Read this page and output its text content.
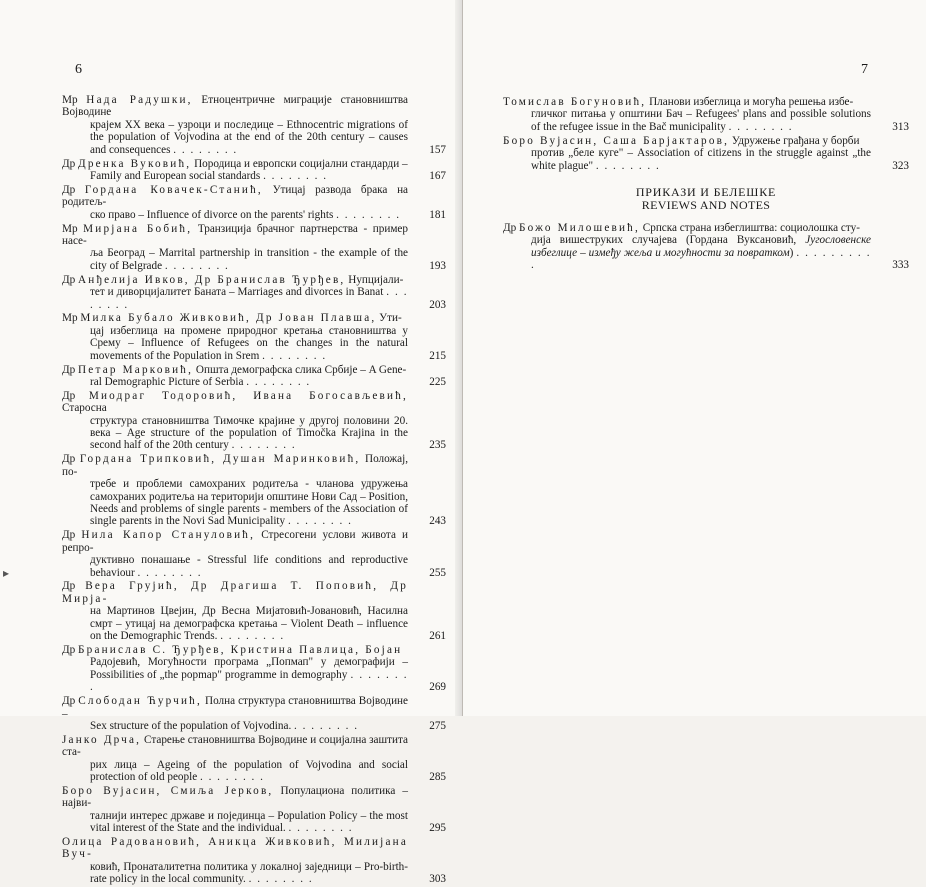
6
Мр Нада Радушки, Етноцентричне миграције становништва Војводине
крајем XX века – узроци и последице – Ethnocentric migrations of the population of Vojvodina at the end of the 20th century – causes and consequences . . . . . . . .	157
Др Дренка Вуковић, Породица и европски социјални стандарди –
Family and European social standards . . . . . . . .	167
Др Гордана Ковачек-Станић, Утицај развода брака на родитељ-
ско право – Influence of divorce on the parents' rights . . . . . . . .	181
Мр Мирјана Бобић, Транзиција брачног партнерства - пример насе-
ља Београд – Marrital partnership in transition - the example of the city of Belgrade . . . . . . . .	193
Др Анђелија Ивков, Др Бранислав Ђурђев, Нупцијали-
тет и диворцијалитет Баната – Marriages and divorces in Banat . . . . . . . .	203
Мр Милка Бубало Живковић, Др Јован Плавша, Ути-
цај избеглица на промене природног кретања становништва у Срему – Influence of Refugees on the changes in the natural movements of the Population in Srem . . . . . . . .	215
Др Петар Марковић, Општа демографска слика Србије – A Gene-
ral Demographic Picture of Serbia . . . . . . . .	225
Др Миодраг Тодоровић, Ивана Богосављевић, Староснa
структура становништва Тимочке крајине у другој половини 20. века – Age structure of the population of Timočka Krajina in the second half of the 20th century . . . . . . . .	235
Др Гордана Трипковић, Душан Маринковић, Положај, по-
требе и проблеми самохраних родитеља - чланова удружења самохраних родитеља на територији општине Нови Сад – Position, Needs and problems of single parents - members of the Association of single parents in the Novi Sad Municipality . . . . . . . .	243
Др Нила Капор Стануловић, Стресогени услови живота и репро-
дуктивно понашање - Stressful life conditions and reproductive behaviour . . . . . . . .	255
Др Вера Грујић, Др Драгиша Т. Поповић, Др Мирја-
на Мартинов Цвејин, Др Весна Мијатовић-Јовановић, Насилна смрт – утицај на демографска кретања – Violent Death – influence on the Demographic Trends. . . . . . . . .	261
Др Бранислав С. Ђурђев, Кристина Павлица, Бојан
Радојевић, Могућности програма „Попмап" у демографији – Possibilities of „the popmap" programme in demography . . . . . . . .	269
Др Слободан Ћурчић, Полна структура становништва Војводине –
Sex structure of the population of Vojvodina. . . . . . . . .	275
Јанко Дрча, Старење становништва Војводине и социјална заштита ста-
рих лица – Ageing of the population of Vojvodina and social protection of old people . . . . . . . .	285
Боро Вујасин, Смиља Јерков, Популациона политика – најви-
талнији интерес државе и појединца – Population Policy – the most vital interest of the State and the individual. . . . . . . . .	295
Олица Радовановић, Аникца Живковић, Милијана Вуч-
ковић, Пронаталитетна политика у локалној заједници – Pro-birth-rate policy in the local community. . . . . . . . .	303
▸
7
Томислав Богуновић, Планови избеглица и могућа решења избе-
гличког питања у општини Бач – Refugees' plans and possible solutions of the refugee issue in the Bač municipality . . . . . . . .	313
Боро Вујасин, Саша Барјактаров, Удружење грађана у борби
против „беле куге" – Association of citizens in the struggle against „the white plague" . . . . . . . .	323
ПРИКАЗИ И БЕЛЕШКЕ
REVIEWS AND NOTES
Др Божо Милошевић, Српска страна избеглиштва: социолошка сту-
дија вишеструких случајева (Гордана Вуксановић, Југословенске избеглице – између жеља и могућности за повратком) . . . . . . . . . .	333
